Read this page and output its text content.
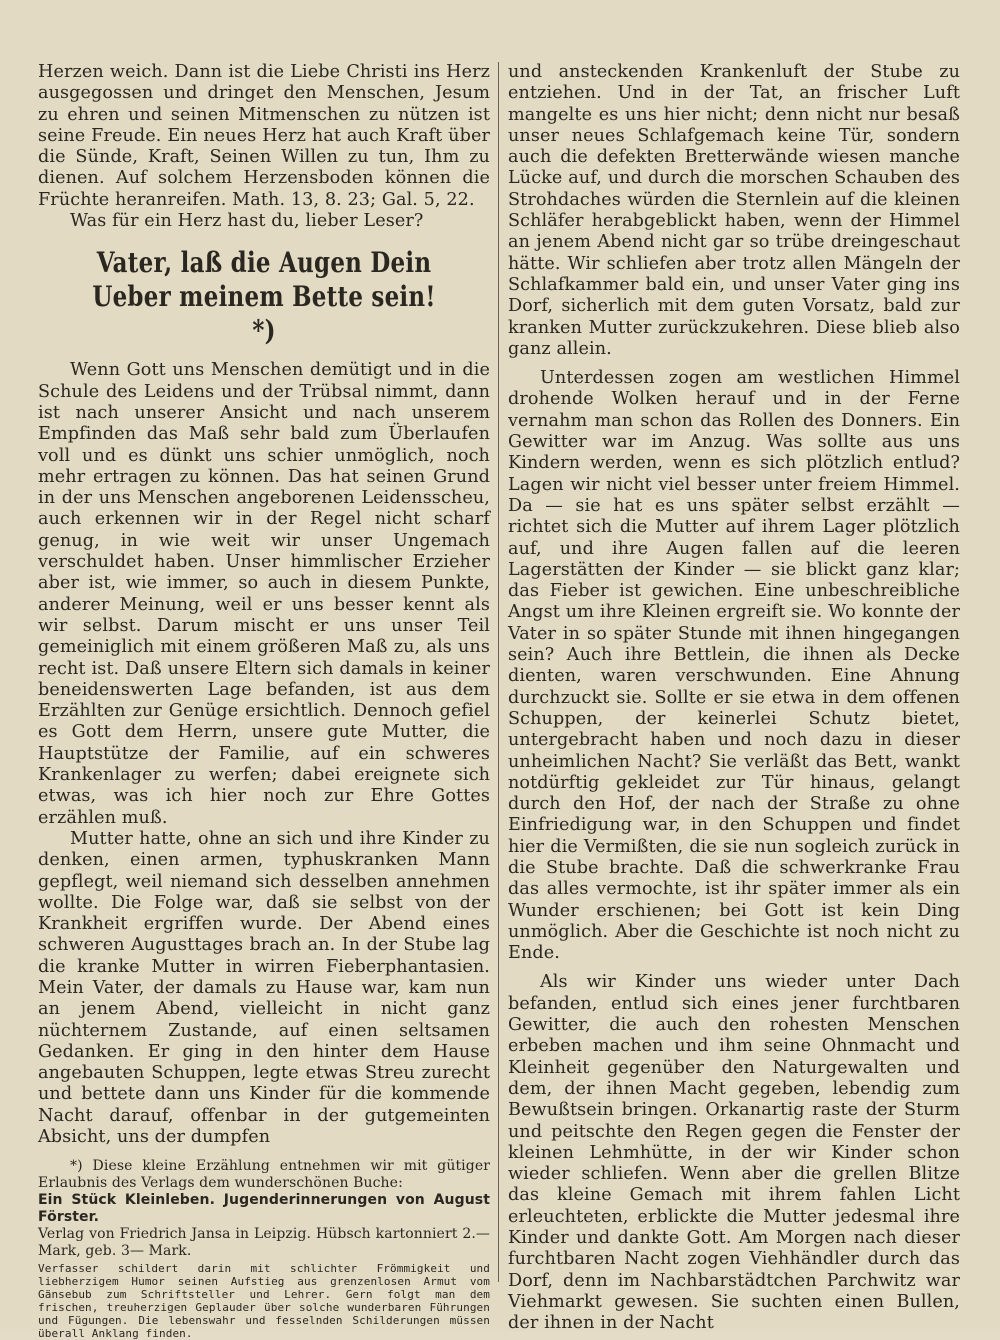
Herzen weich. Dann ist die Liebe Christi ins Herz ausgegossen und dringet den Menschen, Jesum zu ehren und seinen Mitmenschen zu nützen ist seine Freude. Ein neues Herz hat auch Kraft über die Sünde, Kraft, Seinen Willen zu tun, Ihm zu dienen. Auf solchem Herzensboden können die Früchte heranreifen. Math. 13, 8. 23; Gal. 5, 22.

Was für ein Herz hast du, lieber Leser?

Vater, laß die Augen Dein
Ueber meinem Bette sein! *)

Wenn Gott uns Menschen demütigt und in die Schule des Leidens und der Trübsal nimmt, dann ist nach unserer Ansicht und nach unserem Empfinden das Maß sehr bald zum Überlaufen voll und es dünkt uns schier unmöglich, noch mehr ertragen zu können. Das hat seinen Grund in der uns Menschen angeborenen Leidensscheu, auch erkennen wir in der Regel nicht scharf genug, in wie weit wir unser Ungemach verschuldet haben. Unser himmlischer Erzieher aber ist, wie immer, so auch in diesem Punkte, anderer Meinung, weil er uns besser kennt als wir selbst. Darum mischt er uns unser Teil gemeiniglich mit einem größeren Maß zu, als uns recht ist. Daß unsere Eltern sich damals in keiner beneidenswerten Lage befanden, ist aus dem Erzählten zur Genüge ersichtlich. Dennoch gefiel es Gott dem Herrn, unsere gute Mutter, die Hauptstütze der Familie, auf ein schweres Krankenlager zu werfen; dabei ereignete sich etwas, was ich hier noch zur Ehre Gottes erzählen muß.

Mutter hatte, ohne an sich und ihre Kinder zu denken, einen armen, typhuskranken Mann gepflegt, weil niemand sich desselben annehmen wollte. Die Folge war, daß sie selbst von der Krankheit ergriffen wurde. Der Abend eines schweren Augusttages brach an. In der Stube lag die kranke Mutter in wirren Fieberphantasien. Mein Vater, der damals zu Hause war, kam nun an jenem Abend, vielleicht in nicht ganz nüchternem Zustande, auf einen seltsamen Gedanken. Er ging in den hinter dem Hause angebauten Schuppen, legte etwas Streu zurecht und bettete dann uns Kinder für die kommende Nacht darauf, offenbar in der gutgemeinten Absicht, uns der dumpfen

*) Diese kleine Erzählung entnehmen wir mit gütiger Erlaubnis des Verlags dem wunderschönen Buche:

Ein Stück Kleinleben. Jugenderinnerungen von August Förster.

Verlag von Friedrich Jansa in Leipzig. Hübsch kartonniert 2.— Mark, geb. 3— Mark.

Verfasser schildert darin mit schlichter Frömmigkeit und liebherzigem Humor seinen Aufstieg aus grenzenlosen Armut vom Gänsebub zum Schriftsteller und Lehrer. Gern folgt man dem frischen, treuherzigen Geplauder über solche wunderbaren Führungen und Fügungen. Die lebenswahr und fesselnden Schilderungen müssen überall Anklang finden.

und ansteckenden Krankenluft der Stube zu entziehen. Und in der Tat, an frischer Luft mangelte es uns hier nicht; denn nicht nur besaß unser neues Schlafgemach keine Tür, sondern auch die defekten Bretterwände wiesen manche Lücke auf, und durch die morschen Schauben des Strohdaches würden die Sternlein auf die kleinen Schläfer herabgeblickt haben, wenn der Himmel an jenem Abend nicht gar so trübe dreingeschaut hätte. Wir schliefen aber trotz allen Mängeln der Schlafkammer bald ein, und unser Vater ging ins Dorf, sicherlich mit dem guten Vorsatz, bald zur kranken Mutter zurückzukehren. Diese blieb also ganz allein.

Unterdessen zogen am westlichen Himmel drohende Wolken herauf und in der Ferne vernahm man schon das Rollen des Donners. Ein Gewitter war im Anzug. Was sollte aus uns Kindern werden, wenn es sich plötzlich entlud? Lagen wir nicht viel besser unter freiem Himmel. Da — sie hat es uns später selbst erzählt — richtet sich die Mutter auf ihrem Lager plötzlich auf, und ihre Augen fallen auf die leeren Lagerstätten der Kinder — sie blickt ganz klar; das Fieber ist gewichen. Eine unbeschreibliche Angst um ihre Kleinen ergreift sie. Wo konnte der Vater in so später Stunde mit ihnen hingegangen sein? Auch ihre Bettlein, die ihnen als Decke dienten, waren verschwunden. Eine Ahnung durchzuckt sie. Sollte er sie etwa in dem offenen Schuppen, der keinerlei Schutz bietet, untergebracht haben und noch dazu in dieser unheimlichen Nacht? Sie verläßt das Bett, wankt notdürftig gekleidet zur Tür hinaus, gelangt durch den Hof, der nach der Straße zu ohne Einfriedigung war, in den Schuppen und findet hier die Vermißten, die sie nun sogleich zurück in die Stube brachte. Daß die schwerkranke Frau das alles vermochte, ist ihr später immer als ein Wunder erschienen; bei Gott ist kein Ding unmöglich. Aber die Geschichte ist noch nicht zu Ende.

Als wir Kinder uns wieder unter Dach befanden, entlud sich eines jener furchtbaren Gewitter, die auch den rohesten Menschen erbeben machen und ihm seine Ohnmacht und Kleinheit gegenüber den Naturgewalten und dem, der ihnen Macht gegeben, lebendig zum Bewußtsein bringen. Orkanartig raste der Sturm und peitschte den Regen gegen die Fenster der kleinen Lehmhütte, in der wir Kinder schon wieder schliefen. Wenn aber die grellen Blitze das kleine Gemach mit ihrem fahlen Licht erleuchteten, erblickte die Mutter jedesmal ihre Kinder und dankte Gott. Am Morgen nach dieser furchtbaren Nacht zogen Viehhändler durch das Dorf, denn im Nachbarstädtchen Parchwitz war Viehmarkt gewesen. Sie suchten einen Bullen, der ihnen in der Nacht
